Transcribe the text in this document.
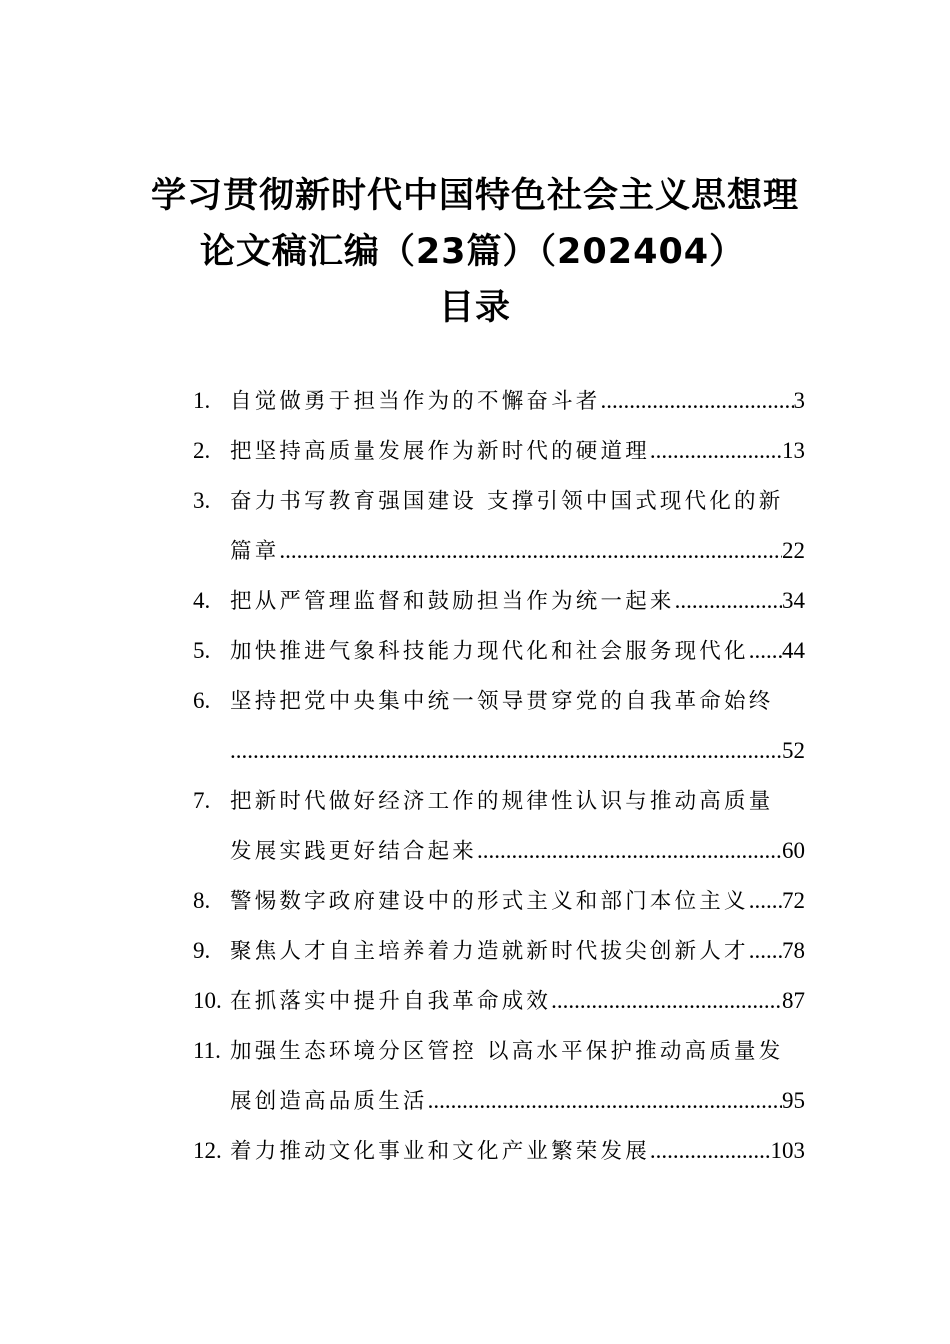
学习贯彻新时代中国特色社会主义思想理
论文稿汇编（23篇）（202404）
目录
1. 自觉做勇于担当作为的不懈奋斗者 .....	3
2. 把坚持高质量发展作为新时代的硬道理 .....	13
3. 奋力书写教育强国建设 支撑引领中国式现代化的新
篇章 .....	22
4. 把从严管理监督和鼓励担当作为统一起来 .....	34
5. 加快推进气象科技能力现代化和社会服务现代化 ..... 44
6. 坚持把党中央集中统一领导贯穿党的自我革命始终
.....
52
7. 把新时代做好经济工作的规律性认识与推动高质量
发展实践更好结合起来 .....	60
8. 警惕数字政府建设中的形式主义和部门本位主义 ..... 72
9. 聚焦人才自主培养着力造就新时代拔尖创新人才 ..... 78
10. 在抓落实中提升自我革命成效 .....	87
11. 加强生态环境分区管控 以高水平保护推动高质量发
展创造高品质生活 .....	95
12. 着力推动文化事业和文化产业繁荣发展 .....	103
